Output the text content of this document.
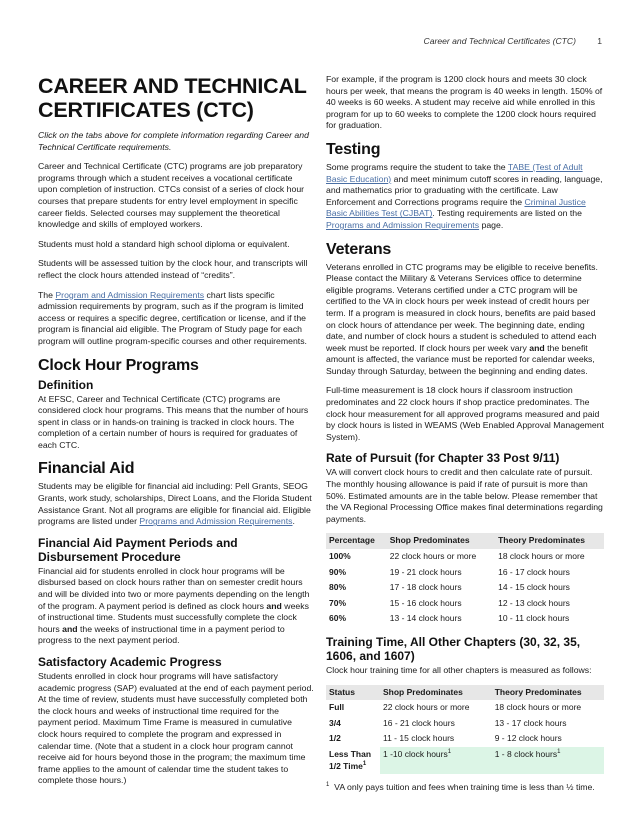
Career and Technical Certificates (CTC) 1
CAREER AND TECHNICAL CERTIFICATES (CTC)

Click on the tabs above for complete information regarding Career and Technical Certificate requirements.

Career and Technical Certificate (CTC) programs are job preparatory programs through which a student receives a vocational certificate upon completion of instruction. CTCs consist of a series of clock hour courses that prepare students for entry level employment in specific career fields. Selected courses may supplement the theoretical knowledge and skills of employed workers.

Students must hold a standard high school diploma or equivalent.

Students will be assessed tuition by the clock hour, and transcripts will reflect the clock hours attended instead of “credits”.

The Program and Admission Requirements chart lists specific admission requirements by program, such as if the program is limited access or requires a specific degree, certification or license, and if the program is financial aid eligible. The Program of Study page for each program will outline program-specific courses and other requirements.

Clock Hour Programs
Definition

At EFSC, Career and Technical Certificate (CTC) programs are considered clock hour programs. This means that the number of hours spent in class or in hands-on training is tracked in clock hours. The completion of a certain number of hours is required for graduates of each CTC.

Financial Aid

Students may be eligible for financial aid including: Pell Grants, SEOG Grants, work study, scholarships, Direct Loans, and the Florida Student Assistance Grant. Not all programs are eligible for financial aid. Eligible programs are listed under Programs and Admission Requirements.

Financial Aid Payment Periods and Disbursement Procedure

Financial aid for students enrolled in clock hour programs will be disbursed based on clock hours rather than on semester credit hours and will be divided into two or more payments depending on the length of the program. A payment period is defined as clock hours and weeks of instructional time. Students must successfully complete the clock hours and the weeks of instructional time in a payment period to progress to the next payment period.

Satisfactory Academic Progress

Students enrolled in clock hour programs will have satisfactory academic progress (SAP) evaluated at the end of each payment period. At the time of review, students must have successfully completed both the clock hours and weeks of instructional time required for the payment period. Maximum Time Frame is measured in cumulative clock hours required to complete the program and expressed in calendar time. (Note that a student in a clock hour program cannot receive aid for hours beyond those in the program; the maximum time frame applies to the amount of calendar time the student takes to complete those hours.)

For example, if the program is 1200 clock hours and meets 30 clock hours per week, that means the program is 40 weeks in length. 150% of 40 weeks is 60 weeks. A student may receive aid while enrolled in this program for up to 60 weeks to complete the 1200 clock hours required for graduation.

Testing

Some programs require the student to take the TABE (Test of Adult Basic Education) and meet minimum cutoff scores in reading, language, and mathematics prior to graduating with the certificate. Law Enforcement and Corrections programs require the Criminal Justice Basic Abilities Test (CJBAT). Testing requirements are listed on the Programs and Admission Requirements page.

Veterans

Veterans enrolled in CTC programs may be eligible to receive benefits. Please contact the Military & Veterans Services office to determine eligible programs. Veterans certified under a CTC program will be certified to the VA in clock hours per week instead of credit hours per term. If a program is measured in clock hours, benefits are paid based on clock hours of attendance per week. The beginning date, ending date, and number of clock hours a student is scheduled to attend each week must be reported. If clock hours per week vary and the benefit amount is affected, the variance must be reported for calendar weeks, Sunday through Saturday, between the beginning and ending dates.

Full-time measurement is 18 clock hours if classroom instruction predominates and 22 clock hours if shop practice predominates. The clock hour measurement for all approved programs measured and paid by clock hours is listed in WEAMS (Web Enabled Approval Management System).

Rate of Pursuit (for Chapter 33 Post 9/11)

VA will convert clock hours to credit and then calculate rate of pursuit. The monthly housing allowance is paid if rate of pursuit is more than 50%. Estimated amounts are in the table below. Please remember that the VA Regional Processing Office makes final determinations regarding payments.

Percentage	Shop Predominates	Theory Predominates
100%	22 clock hours or more	18 clock hours or more
90%	19 - 21 clock hours	16 - 17 clock hours
80%	17 - 18 clock hours	14 - 15 clock hours
70%	15 - 16 clock hours	12 - 13 clock hours
60%	13 - 14 clock hours	10 - 11 clock hours
Training Time, All Other Chapters (30, 32, 35, 1606, and 1607)

Clock hour training time for all other chapters is measured as follows:

Status	Shop Predominates	Theory Predominates
Full	22 clock hours or more	18 clock hours or more
3/4	16 - 21 clock hours	13 - 17 clock hours
1/2	11 - 15 clock hours	9 - 12 clock hours
Less Than 1/2 Time$^1$	1 -10 clock hours$^1$	1 - 8 clock hours$^1$
$^1$ VA only pays tuition and fees when training time is less than ½ time.
